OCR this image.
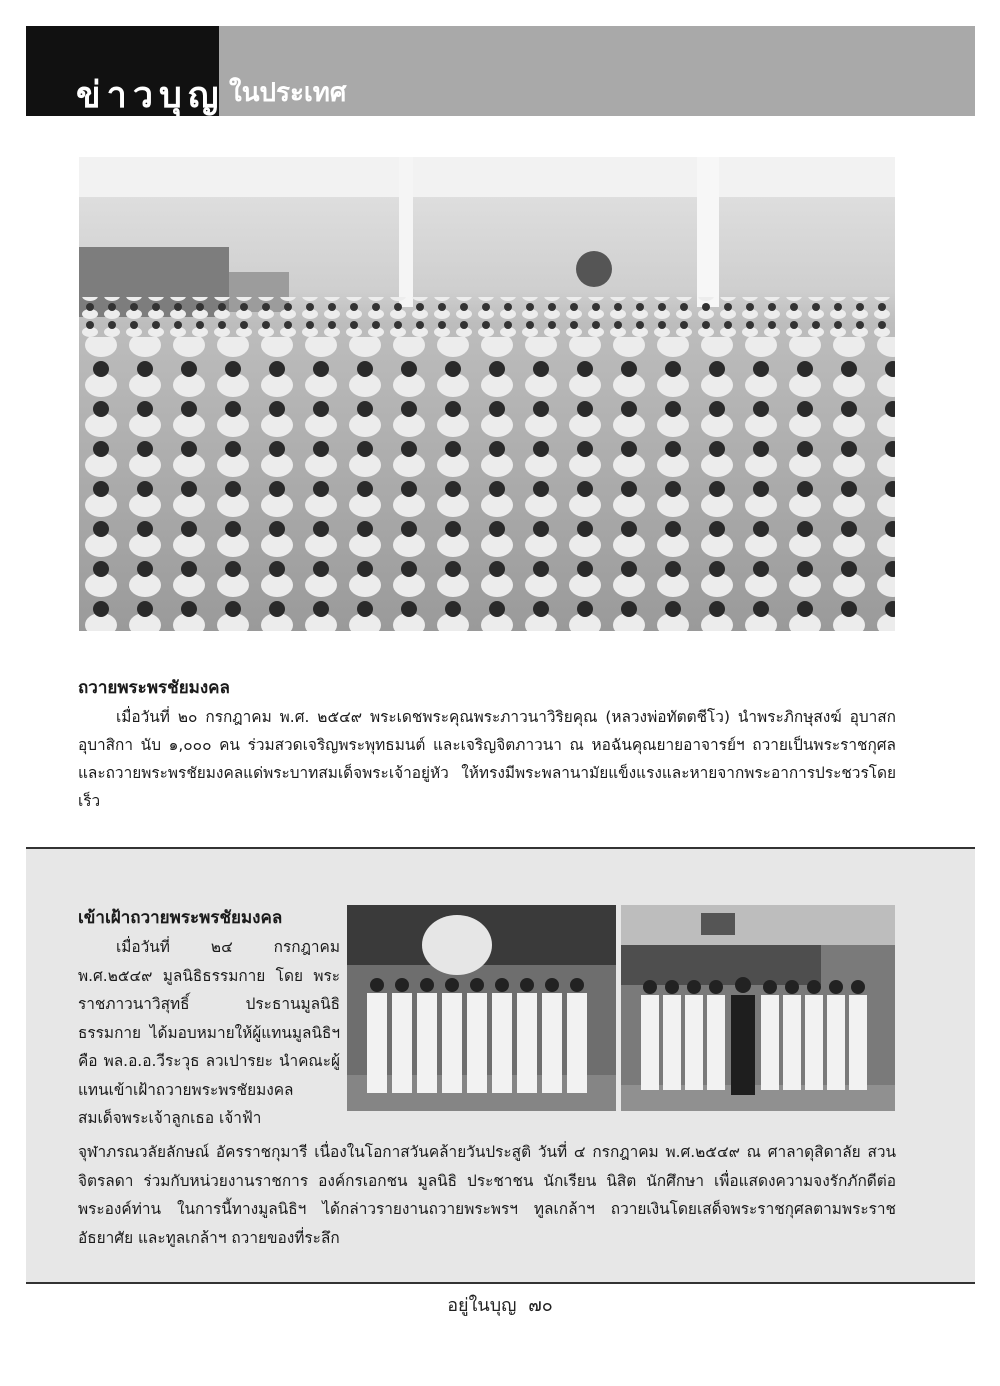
ข่าวบุญ ในประเทศ
ถวายพระพรชัยมงคล

เมื่อวันที่ ๒๐ กรกฎาคม พ.ศ. ๒๕๔๙ พระเดชพระคุณพระภาวนาวิริยคุณ (หลวงพ่อทัตตชีโว) นำพระภิกษุสงฆ์ อุบาสก อุบาสิกา นับ ๑,๐๐๐ คน ร่วมสวดเจริญพระพุทธมนต์ และเจริญจิตภาวนา ณ หอฉันคุณยายอาจารย์ฯ ถวายเป็นพระราชกุศลและถวายพระพรชัยมงคลแด่พระบาทสมเด็จพระเจ้าอยู่หัว ให้ทรงมีพระพลานามัยแข็งแรงและหายจากพระอาการประชวรโดยเร็ว

เข้าเฝ้าถวายพระพรชัยมงคล

เมื่อวันที่ ๒๔ กรกฎาคม พ.ศ.๒๕๔๙ มูลนิธิธรรมกาย โดย พระราชภาวนาวิสุทธิ์ ประธานมูลนิธิธรรมกาย ได้มอบหมายให้ผู้แทนมูลนิธิฯ คือ พล.อ.อ.วีระวุธ ลวเปารยะ นำคณะผู้แทนเข้าเฝ้าถวายพระพรชัยมงคล สมเด็จพระเจ้าลูกเธอ เจ้าฟ้า

จุฬาภรณวลัยลักษณ์ อัครราชกุมารี เนื่องในโอกาสวันคล้ายวันประสูติ วันที่ ๔ กรกฎาคม พ.ศ.๒๕๔๙ ณ ศาลาดุสิดาลัย สวนจิตรลดา ร่วมกับหน่วยงานราชการ องค์กรเอกชน มูลนิธิ ประชาชน นักเรียน นิสิต นักศึกษา เพื่อแสดงความจงรักภักดีต่อพระองค์ท่าน ในการนี้ทางมูลนิธิฯ ได้กล่าวรายงานถวายพระพรฯ ทูลเกล้าฯ ถวายเงินโดยเสด็จพระราชกุศลตามพระราชอัธยาศัย และทูลเกล้าฯ ถวายของที่ระลึก

อยู่ในบุญ ๗๐
